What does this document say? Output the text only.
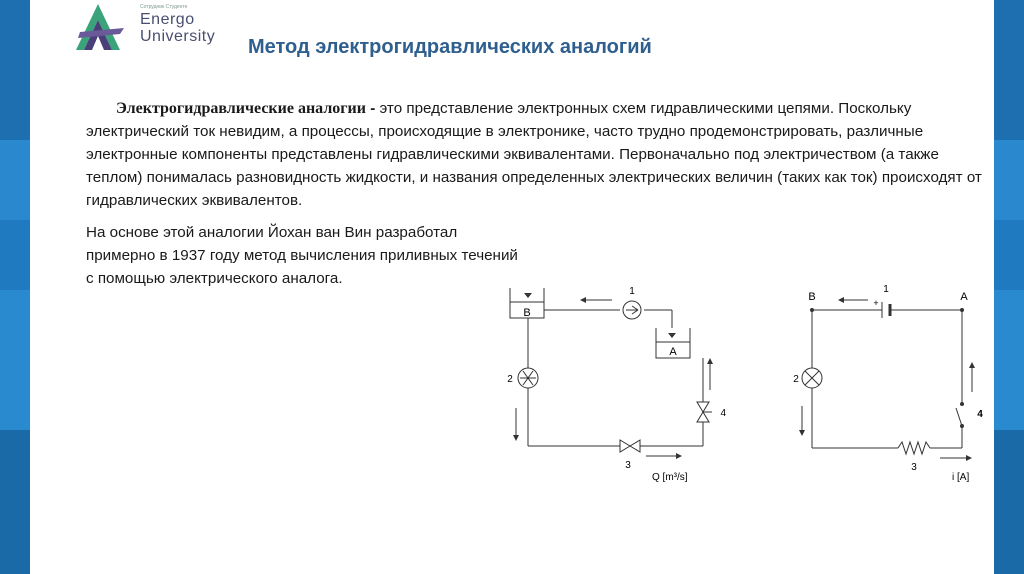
Cотрудник Студенте
Energo
University Метод электрогидравлических аналогий

Электрогидравлические аналогии - это представление электронных схем гидравлическими цепями. Поскольку электрический ток невидим, а процессы, происходящие в электронике, часто трудно продемонстрировать, различные электронные компоненты представлены гидравлическими эквивалентами. Первоначально под электричеством (а также теплом) понималась разновидность жидкости, и названия определенных электрических величин (таких как ток) происходят от гидравлических эквивалентов.

На основе этой аналогии Йохан ван Вин разработал примерно в 1937 году метод вычисления приливных течений с помощью электрического аналога.

B
A
1
2
3
4
Q [m³/s]
B	A
+
1
2
3
4
i [A]
